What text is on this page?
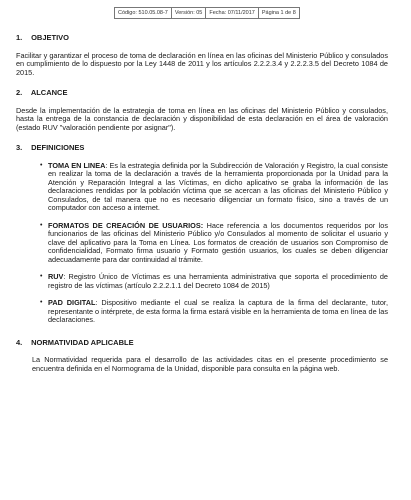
Código: 510.05.08-7	Versión: 05	Fecha: 07/11/2017	Página 1 de 8
1. OBJETIVO

Facilitar y garantizar el proceso de toma de declaración en línea en las oficinas del Ministerio Público y consulados en cumplimiento de lo dispuesto por la Ley 1448 de 2011 y los artículos 2.2.2.3.4 y 2.2.2.3.5 del Decreto 1084 de 2015.

2. ALCANCE

Desde la implementación de la estrategia de toma en línea en las oficinas del Ministerio Público y consulados, hasta la entrega de la constancia de declaración y disponibilidad de esta declaración en el área de valoración (estado RUV "valoración pendiente por asignar").

3. DEFINICIONES
• TOMA EN LINEA: Es la estrategia definida por la Subdirección de Valoración y Registro, la cual consiste en realizar la toma de la declaración a través de la herramienta proporcionada por la Unidad para la Atención y Reparación Integral a las Víctimas, en dicho aplicativo se graba la información de las declaraciones rendidas por la población víctima que se acercan a las oficinas del Ministerio Público y Consulados, de tal manera que no es necesario diligenciar un formato físico, sino a través de un computador con acceso a internet.
• FORMATOS DE CREACIÓN DE USUARIOS: Hace referencia a los documentos requeridos por los funcionarios de las oficinas del Ministerio Público y/o Consulados al momento de solicitar el usuario y clave del aplicativo para la Toma en Línea. Los formatos de creación de usuarios son Compromiso de confidencialidad, Formato firma usuario y Formato gestión usuarios, los cuales se deben diligenciar adecuadamente para dar continuidad al trámite.
• RUV: Registro Único de Víctimas es una herramienta administrativa que soporta el procedimiento de registro de las víctimas (artículo 2.2.2.1.1 del Decreto 1084 de 2015)
• PAD DIGITAL: Dispositivo mediante el cual se realiza la captura de la firma del declarante, tutor, representante o intérprete, de esta forma la firma estará visible en la herramienta de toma en línea de las declaraciones.
4. NORMATIVIDAD APLICABLE

La Normatividad requerida para el desarrollo de las actividades citas en el presente procedimiento se encuentra definida en el Normograma de la Unidad, disponible para consulta en la página web.
